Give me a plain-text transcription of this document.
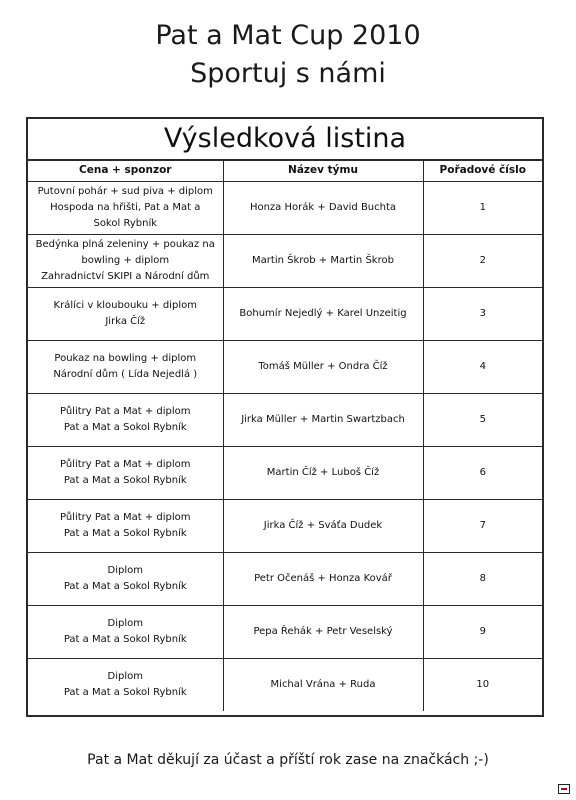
Pat a Mat Cup 2010
Sportuj s námi
Výsledková listina
Cena + sponzor	Název týmu	Pořadové číslo

Putovní pohár + sud piva + diplom
Hospoda na hřišti, Pat a Mat a
Sokol Rybník	Honza Horák + David Buchta	1

Bedýnka plná zeleniny + poukaz na
bowling + diplom
Zahradnictví SKIPI a Národní dům	Martin Škrob + Martin Škrob	2

Králíci v kloubouku + diplom
Jirka Číž	Bohumír Nejedlý + Karel Unzeitig	3

Poukaz na bowling + diplom
Národní dům ( Lída Nejedlá )	Tomáš Müller + Ondra Číž	4

Půlitry Pat a Mat + diplom
Pat a Mat a Sokol Rybník	Jirka Müller + Martin Swartzbach	5

Půlitry Pat a Mat + diplom
Pat a Mat a Sokol Rybník	Martin Číž + Luboš Číž	6

Půlitry Pat a Mat + diplom
Pat a Mat a Sokol Rybník	Jirka Číž + Sváťa Dudek	7

Diplom
Pat a Mat a Sokol Rybník	Petr Očenáš + Honza Kovář	8

Diplom
Pat a Mat a Sokol Rybník	Pepa Řehák + Petr Veselský	9

Diplom
Pat a Mat a Sokol Rybník	Michal Vrána + Ruda	10
Pat a Mat děkují za účast a příští rok zase na značkách ;-)
